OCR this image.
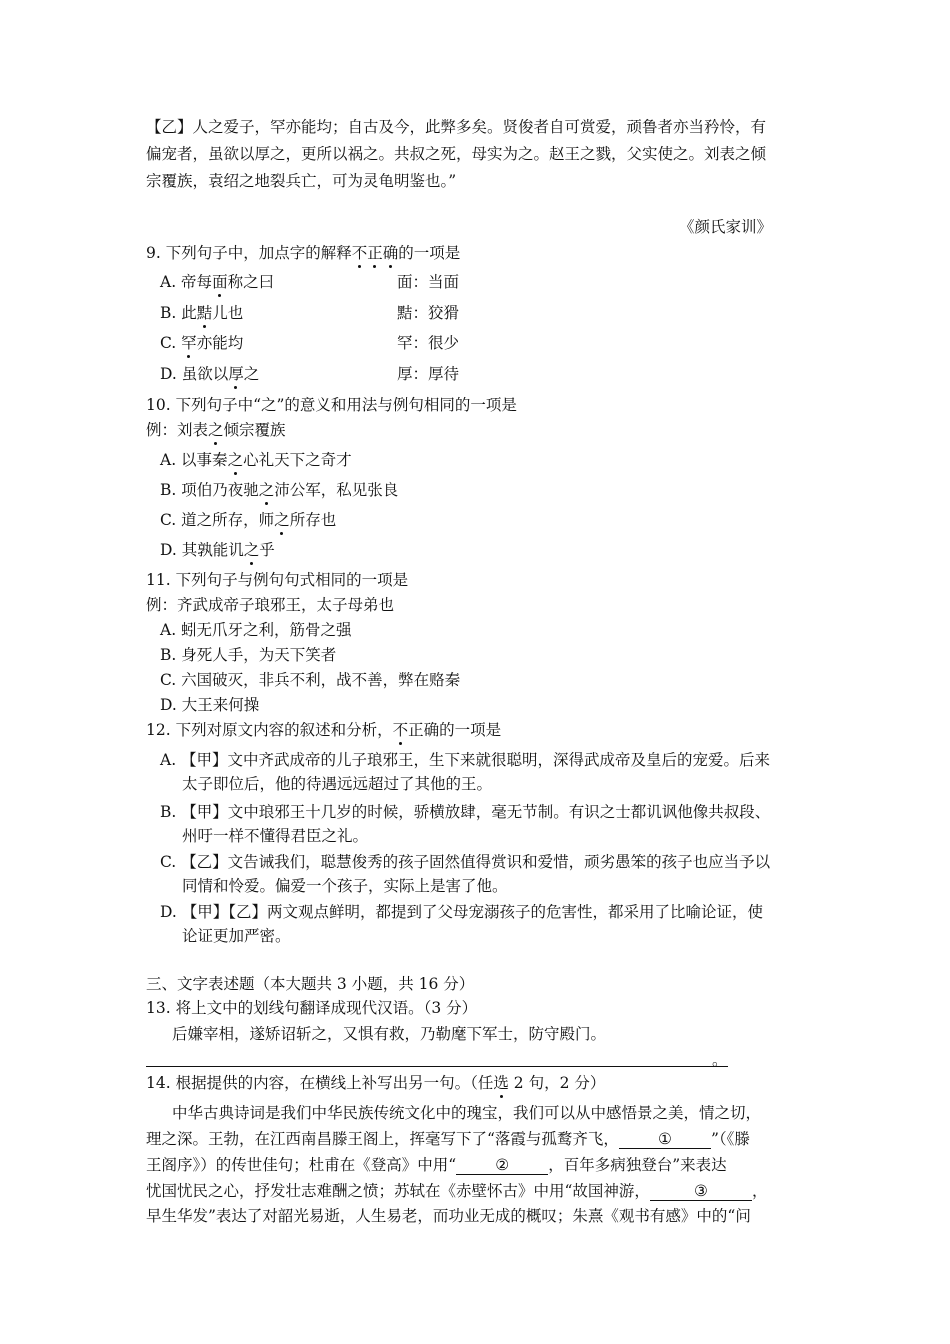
【乙】人之爱子，罕亦能均；自古及今，此弊多矣。贤俊者自可赏爱，顽鲁者亦当矜怜，有
偏宠者，虽欲以厚之，更所以祸之。共叔之死，母实为之。赵王之戮，父实使之。刘表之倾
宗覆族，袁绍之地裂兵亡，可为灵龟明鉴也。”
《颜氏家训》
9. 下列句子中，加点字的解释不正确的一项是
A. 帝每面称之曰	面：当面
B. 此黠儿也	黠：狡猾
C. 罕亦能均	罕：很少
D. 虽欲以厚之	厚：厚待
10. 下列句子中“之”的意义和用法与例句相同的一项是
例：刘表之倾宗覆族
A. 以事秦之心礼天下之奇才
B. 项伯乃夜驰之沛公军，私见张良
C. 道之所存，师之所存也
D. 其孰能讥之乎
11. 下列句子与例句句式相同的一项是
例：齐武成帝子琅邪王，太子母弟也
A. 蚓无爪牙之利，筋骨之强
B. 身死人手，为天下笑者
C. 六国破灭，非兵不利，战不善，弊在赂秦
D. 大王来何操
12. 下列对原文内容的叙述和分析，不正确的一项是
A. 【甲】文中齐武成帝的儿子琅邪王，生下来就很聪明，深得武成帝及皇后的宠爱。后来
太子即位后，他的待遇远远超过了其他的王。
B. 【甲】文中琅邪王十几岁的时候，骄横放肆，毫无节制。有识之士都讥讽他像共叔段、
州吁一样不懂得君臣之礼。
C. 【乙】文告诫我们，聪慧俊秀的孩子固然值得赏识和爱惜，顽劣愚笨的孩子也应当予以
同情和怜爱。偏爱一个孩子，实际上是害了他。
D. 【甲】【乙】两文观点鲜明，都提到了父母宠溺孩子的危害性，都采用了比喻论证，使
论证更加严密。
三、文字表述题（本大题共 3 小题，共 16 分）
13. 将上文中的划线句翻译成现代汉语。（3 分）
后嫌宰相，遂矫诏斩之，又惧有救，乃勒麾下军士，防守殿门。
。
14. 根据提供的内容，在横线上补写出另一句。（任选 2 句，2 分）
中华古典诗词是我们中华民族传统文化中的瑰宝，我们可以从中感悟景之美，情之切，
理之深。王勃，在江西南昌滕王阁上，挥毫写下了“落霞与孤鹜齐飞，	①	”（《滕
王阁序》）的传世佳句；杜甫在《登高》中用“	②	，百年多病独登台”来表达
忧国忧民之心，抒发壮志难酬之愤；苏轼在《赤壁怀古》中用“故国神游，	③	，
早生华发”表达了对韶光易逝，人生易老，而功业无成的概叹；朱熹《观书有感》中的“问
